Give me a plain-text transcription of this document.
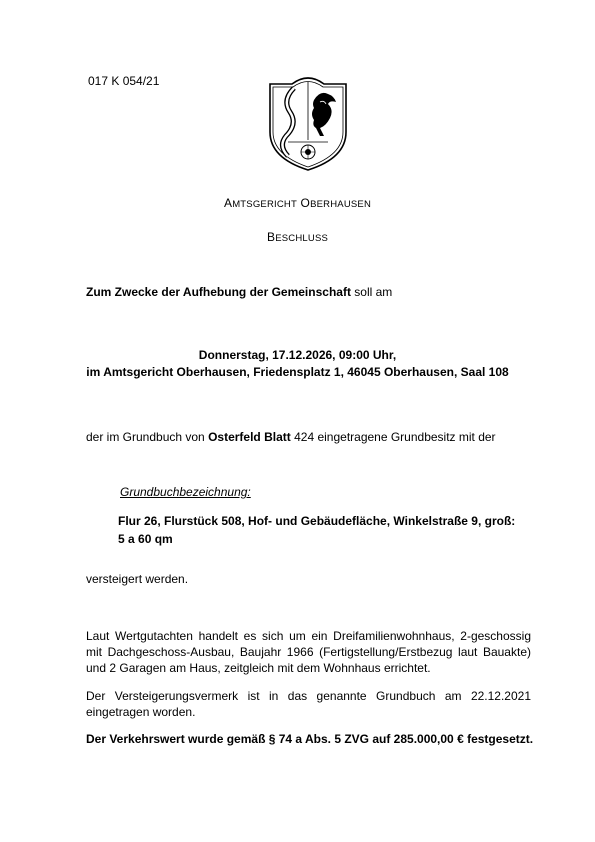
017 K 054/21
AMTSGERICHT OBERHAUSEN
BESCHLUSS
Zum Zwecke der Aufhebung der Gemeinschaft soll am
Donnerstag, 17.12.2026, 09:00 Uhr,
im Amtsgericht Oberhausen, Friedensplatz 1, 46045 Oberhausen, Saal 108
der im Grundbuch von Osterfeld Blatt 424 eingetragene Grundbesitz mit der
Grundbuchbezeichnung:
Flur 26, Flurstück 508, Hof- und Gebäudefläche, Winkelstraße 9, groß:
5 a 60 qm
versteigert werden.
Laut Wertgutachten handelt es sich um ein Dreifamilienwohnhaus, 2-geschossig mit Dachgeschoss-Ausbau, Baujahr 1966 (Fertigstellung/Erstbezug laut Bauakte) und 2 Garagen am Haus, zeitgleich mit dem Wohnhaus errichtet.
Der Versteigerungsvermerk ist in das genannte Grundbuch am 22.12.2021 eingetragen worden.
Der Verkehrswert wurde gemäß § 74 a Abs. 5 ZVG auf 285.000,00 € festgesetzt.
